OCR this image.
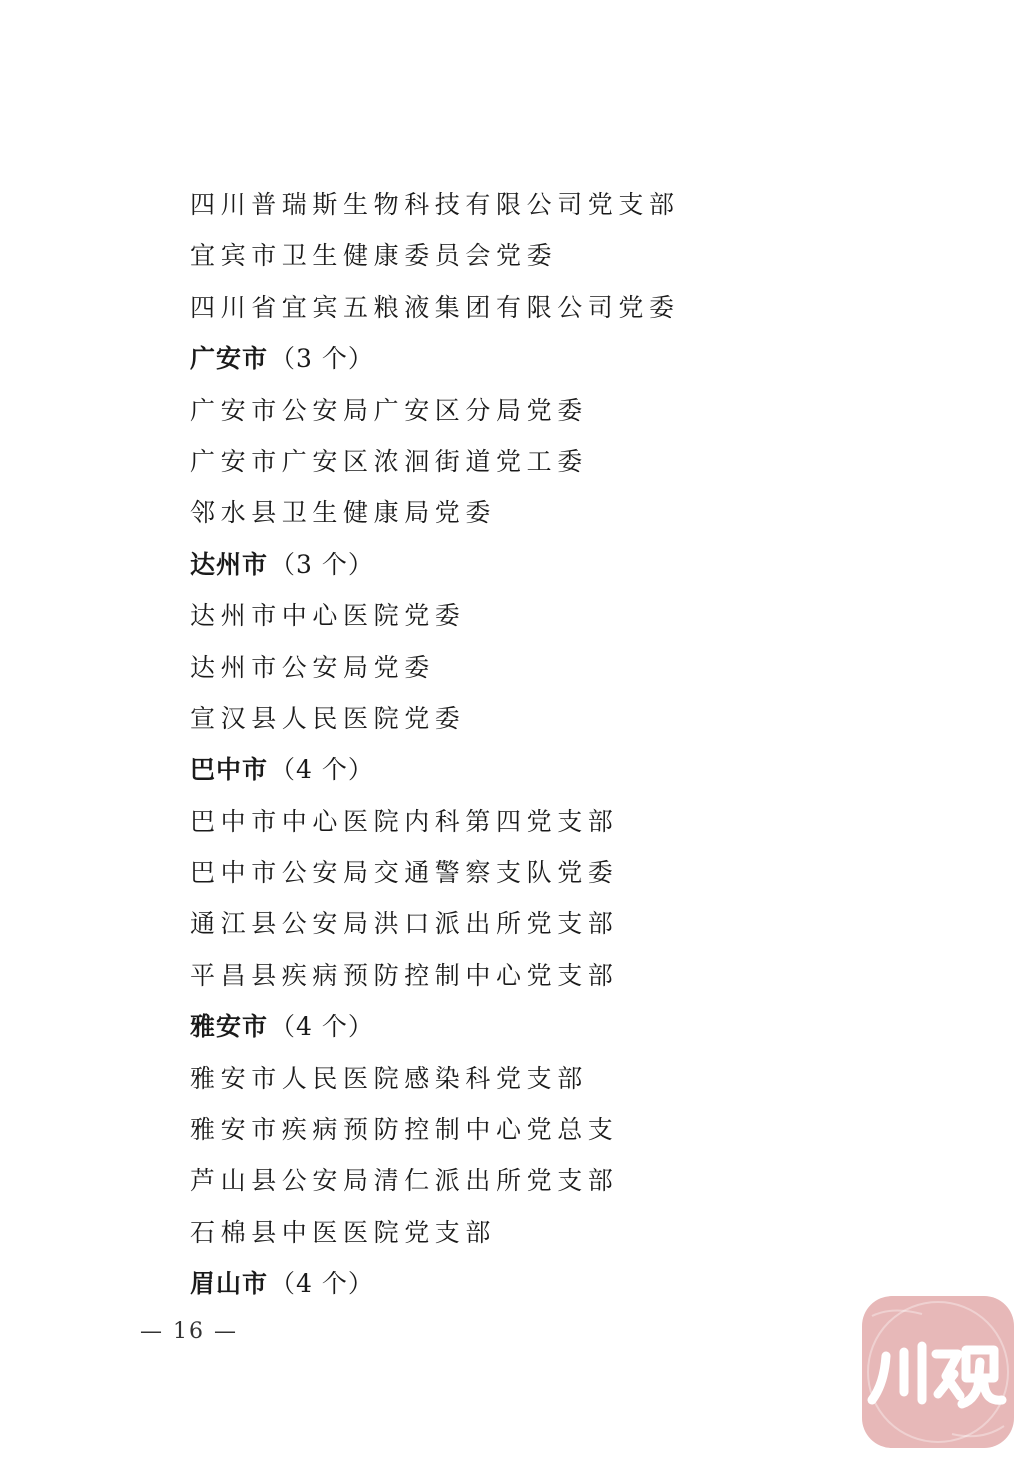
四川普瑞斯生物科技有限公司党支部
宜宾市卫生健康委员会党委
四川省宜宾五粮液集团有限公司党委
广安市（3 个）
广安市公安局广安区分局党委
广安市广安区浓洄街道党工委
邻水县卫生健康局党委
达州市（3 个）
达州市中心医院党委
达州市公安局党委
宣汉县人民医院党委
巴中市（4 个）
巴中市中心医院内科第四党支部
巴中市公安局交通警察支队党委
通江县公安局洪口派出所党支部
平昌县疾病预防控制中心党支部
雅安市（4 个）
雅安市人民医院感染科党支部
雅安市疾病预防控制中心党总支
芦山县公安局清仁派出所党支部
石棉县中医医院党支部
眉山市（4 个）
— 16 —
